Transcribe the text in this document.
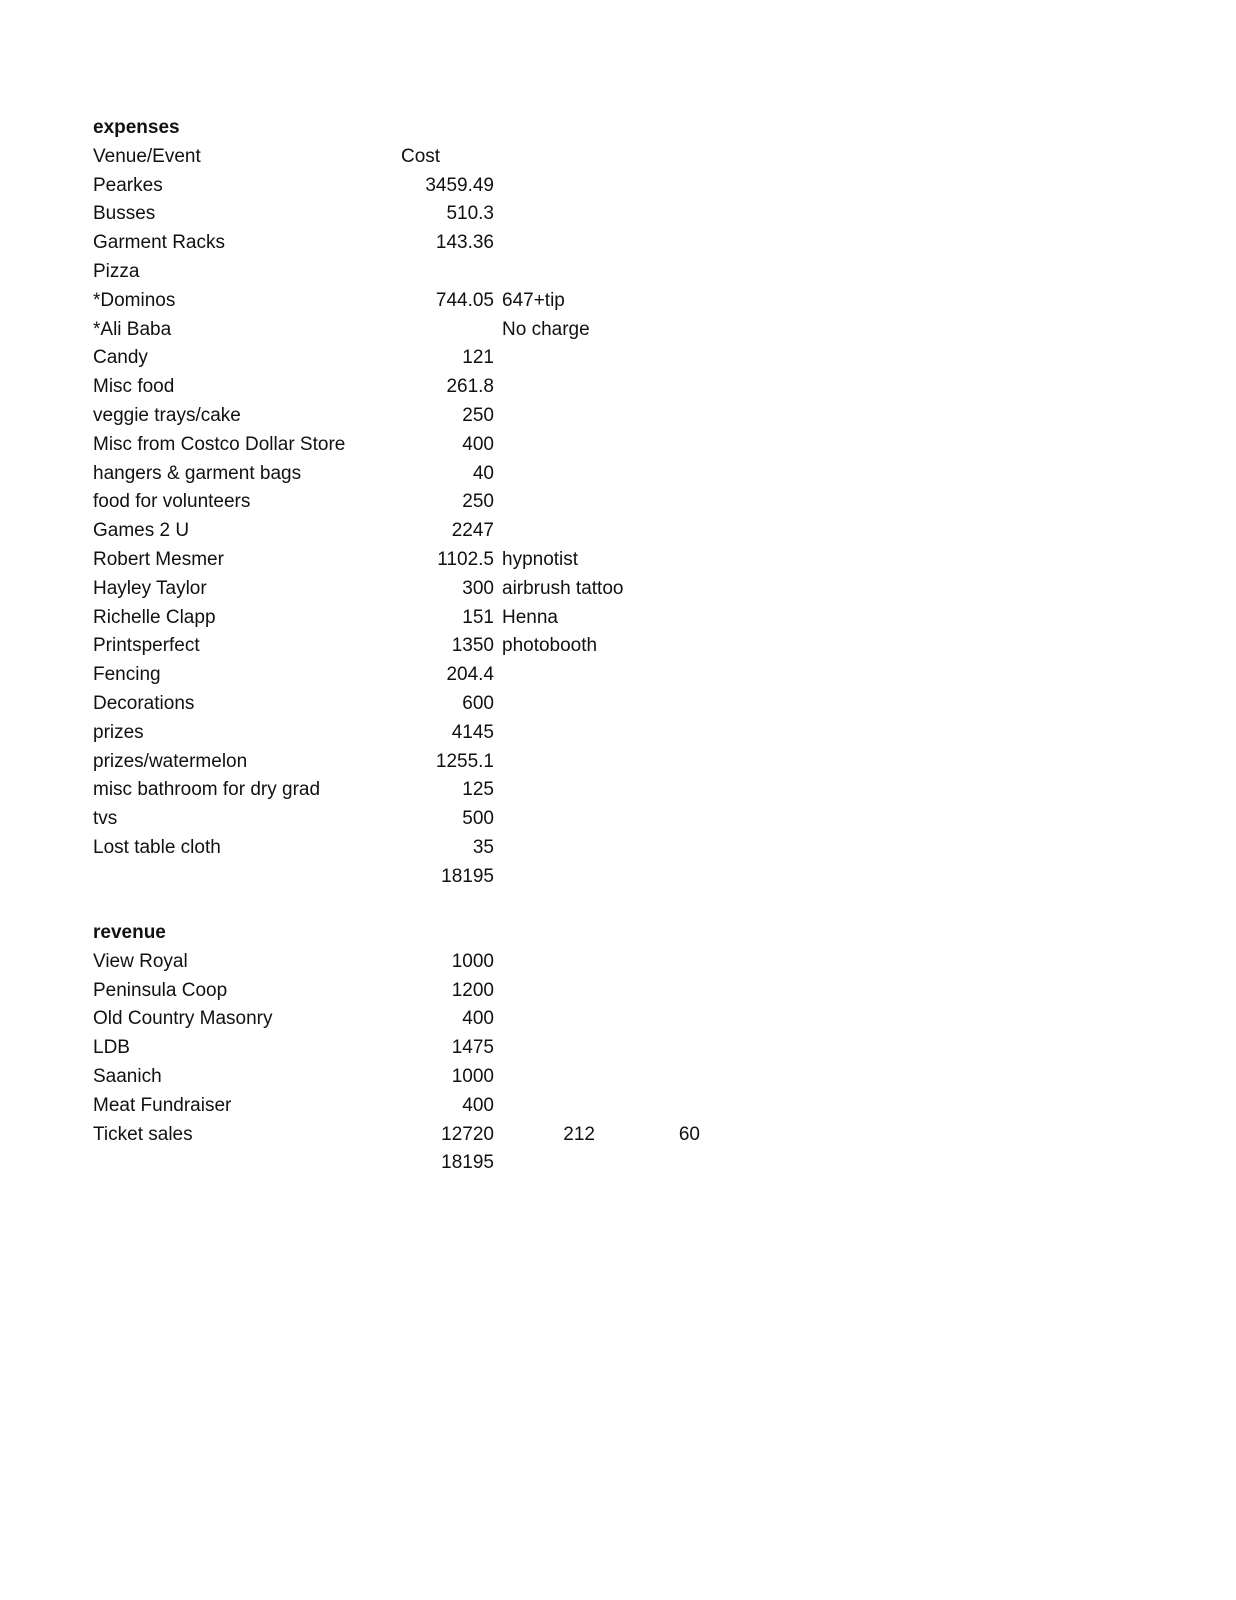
expenses
Venue/Event	Cost
Pearkes	3459.49
Busses	510.3
Garment Racks	143.36
Pizza
*Dominos	744.05 647+tip
*Ali Baba	No charge
Candy	121
Misc food	261.8
veggie trays/cake	250
Misc from Costco Dollar Store	400
hangers & garment bags	40
food for volunteers	250
Games 2 U	2247
Robert Mesmer	1102.5 hypnotist
Hayley Taylor	300 airbrush tattoo
Richelle Clapp	151 Henna
Printsperfect	1350 photobooth
Fencing	204.4
Decorations	600
prizes	4145
prizes/watermelon	1255.1
misc bathroom for dry grad	125
tvs	500
Lost table cloth	35
18195
revenue
View Royal	1000
Peninsula Coop	1200
Old Country Masonry	400
LDB	1475
Saanich	1000
Meat Fundraiser	400
Ticket sales	12720	212	60
18195
